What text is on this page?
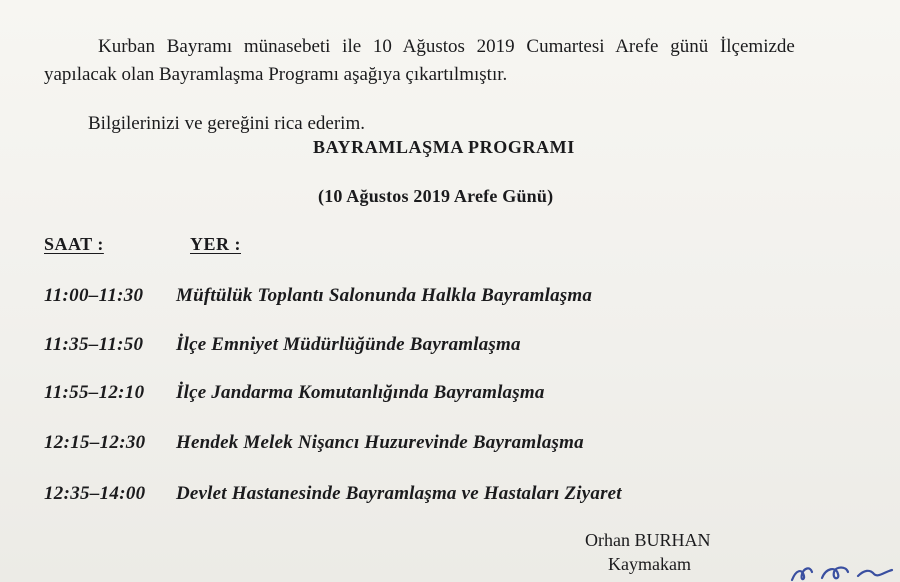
Kurban Bayramı münasebeti ile 10 Ağustos 2019 Cumartesi Arefe günü İlçemizde
yapılacak olan Bayramlaşma Programı aşağıya çıkartılmıştır.
Bilgilerinizi ve gereğini rica ederim.
BAYRAMLAŞMA PROGRAMI
(10 Ağustos 2019 Arefe Günü)
SAAT :	YER :
11:00–11:30 Müftülük Toplantı Salonunda Halkla Bayramlaşma
11:35–11:50 İlçe Emniyet Müdürlüğünde Bayramlaşma
11:55–12:10 İlçe Jandarma Komutanlığında Bayramlaşma
12:15–12:30 Hendek Melek Nişancı Huzurevinde Bayramlaşma
12:35–14:00 Devlet Hastanesinde Bayramlaşma ve Hastaları Ziyaret
Orhan BURHAN
Kaymakam
